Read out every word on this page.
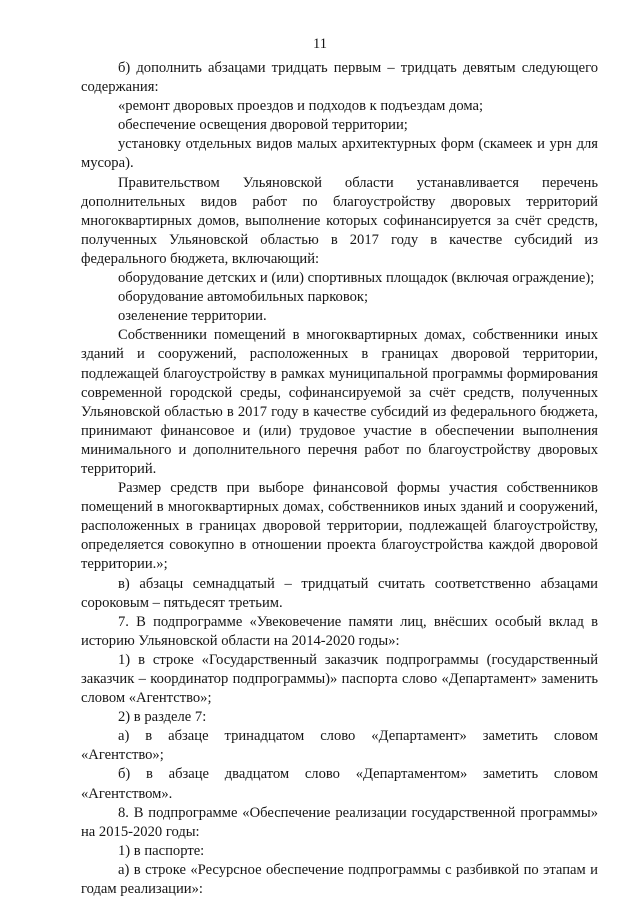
11

б) дополнить абзацами тридцать первым – тридцать девятым следующего содержания:

«ремонт дворовых проездов и подходов к подъездам дома;

обеспечение освещения дворовой территории;

установку отдельных видов малых архитектурных форм (скамеек и урн для мусора).

Правительством Ульяновской области устанавливается перечень дополнительных видов работ по благоустройству дворовых территорий многоквартирных домов, выполнение которых софинансируется за счёт средств, полученных Ульяновской областью в 2017 году в качестве субсидий из федерального бюджета, включающий:

оборудование детских и (или) спортивных площадок (включая ограждение);

оборудование автомобильных парковок;

озеленение территории.

Собственники помещений в многоквартирных домах, собственники иных зданий и сооружений, расположенных в границах дворовой территории, подлежащей благоустройству в рамках муниципальной программы формирования современной городской среды, софинансируемой за счёт средств, полученных Ульяновской областью в 2017 году в качестве субсидий из федерального бюджета, принимают финансовое и (или) трудовое участие в обеспечении выполнения минимального и дополнительного перечня работ по благоустройству дворовых территорий.

Размер средств при выборе финансовой формы участия собственников помещений в многоквартирных домах, собственников иных зданий и сооружений, расположенных в границах дворовой территории, подлежащей благоустройству, определяется совокупно в отношении проекта благоустройства каждой дворовой территории.»;

в) абзацы семнадцатый – тридцатый считать соответственно абзацами сороковым – пятьдесят третьим.

7. В подпрограмме «Увековечение памяти лиц, внёсших особый вклад в историю Ульяновской области на 2014-2020 годы»:

1) в строке «Государственный заказчик подпрограммы (государственный заказчик – координатор подпрограммы)» паспорта слово «Департамент» заменить словом «Агентство»;

2) в разделе 7:

а) в абзаце тринадцатом слово «Департамент» заметить словом «Агентство»;

б) в абзаце двадцатом слово «Департаментом» заметить словом «Агентством».

8. В подпрограмме «Обеспечение реализации государственной программы» на 2015-2020 годы:

1) в паспорте:

а) в строке «Ресурсное обеспечение подпрограммы с разбивкой по этапам и годам реализации»:
